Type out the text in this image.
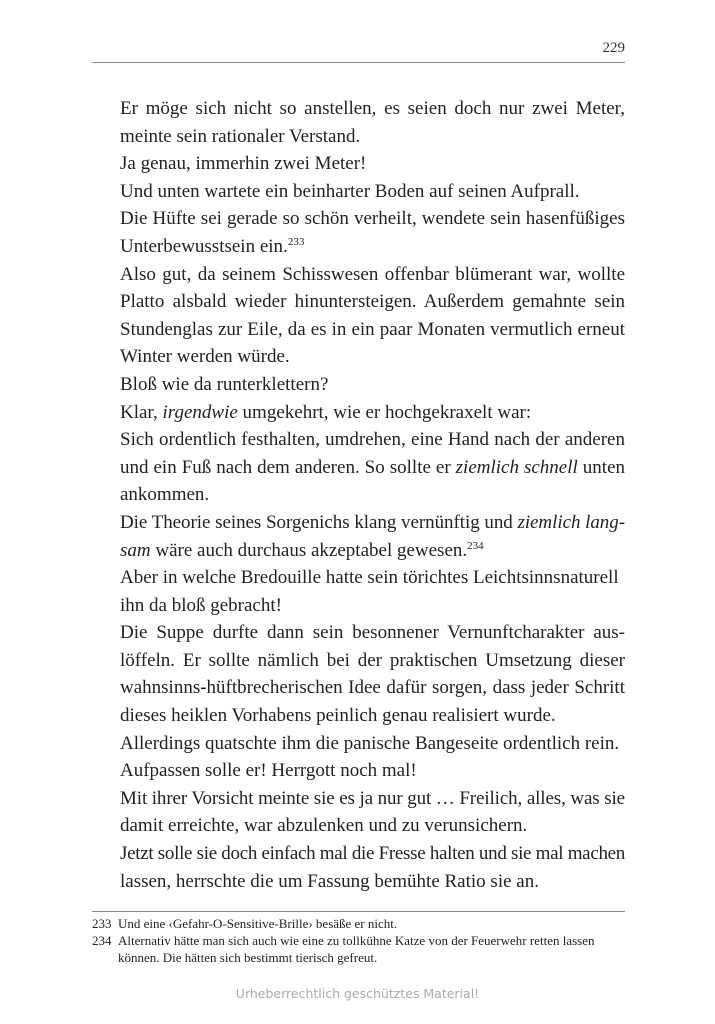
229
Er möge sich nicht so anstellen, es seien doch nur zwei Meter,
meinte sein rationaler Verstand.
Ja genau, immerhin zwei Meter!
Und unten wartete ein beinharter Boden auf seinen Aufprall.
Die Hüfte sei gerade so schön verheilt, wendete sein hasenfüßiges
Unterbewusstsein ein.$^{233}$
Also gut, da seinem Schisswesen offenbar blümerant war, wollte
Platto alsbald wieder hinuntersteigen. Außerdem gemahnte sein
Stundenglas zur Eile, da es in ein paar Monaten vermutlich erneut
Winter werden würde.
Bloß wie da runterklettern?
Klar, irgendwie umgekehrt, wie er hochgekraxelt war:
Sich ordentlich festhalten, umdrehen, eine Hand nach der anderen
und ein Fuß nach dem anderen. So sollte er ziemlich schnell unten
ankommen.
Die Theorie seines Sorgenichs klang vernünftig und ziemlich lang-
sam wäre auch durchaus akzeptabel gewesen.$^{234}$
Aber in welche Bredouille hatte sein törichtes Leichtsinnsnaturell
ihn da bloß gebracht!
Die Suppe durfte dann sein besonnener Vernunftcharakter aus-
löffeln. Er sollte nämlich bei der praktischen Umsetzung dieser
wahnsinns-hüftbrecherischen Idee dafür sorgen, dass jeder Schritt
dieses heiklen Vorhabens peinlich genau realisiert wurde.
Allerdings quatschte ihm die panische Bangeseite ordentlich rein.
Aufpassen solle er! Herrgott noch mal!
Mit ihrer Vorsicht meinte sie es ja nur gut … Freilich, alles, was sie
damit erreichte, war abzulenken und zu verunsichern.
Jetzt solle sie doch einfach mal die Fresse halten und sie mal machen
lassen, herrschte die um Fassung bemühte Ratio sie an.
233 Und eine ‹Gefahr-O-Sensitive-Brille› besäße er nicht.
234 Alternativ hätte man sich auch wie eine zu tollkühne Katze von der Feuerwehr retten lassen können. Die hätten sich bestimmt tierisch gefreut.
Urheberrechtlich geschütztes Material!
